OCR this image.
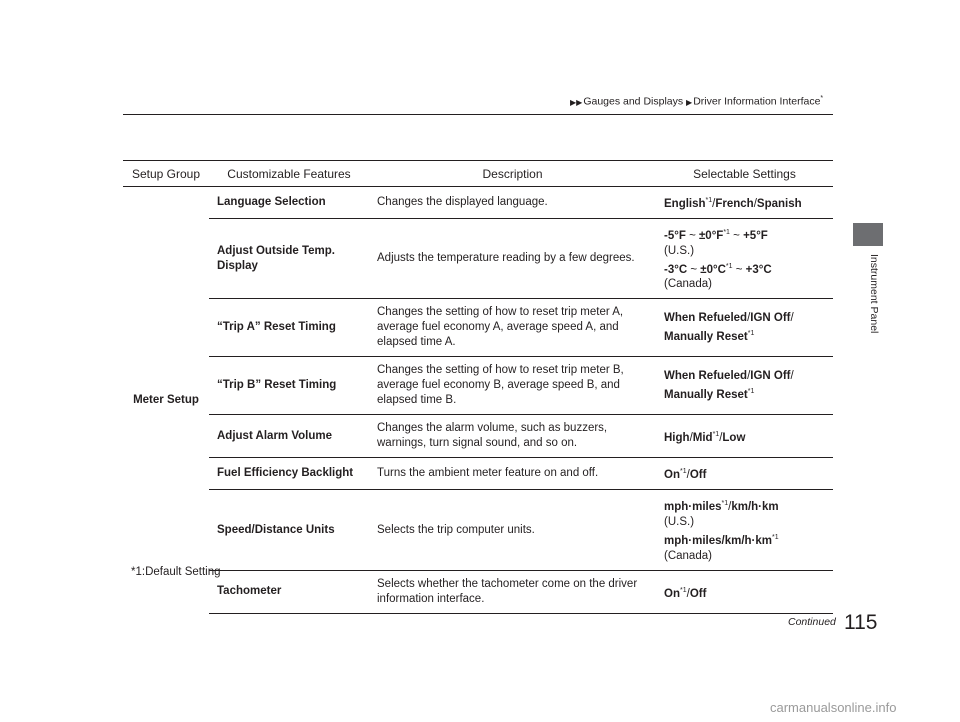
▶▶Gauges and Displays ▶Driver Information Interface*
Instrument Panel
Setup Group	Customizable Features	Description	Selectable Settings
Meter Setup	Language Selection	Changes the displayed language.	English$^{*1}$/French/Spanish
	Adjust Outside Temp. Display	Adjusts the temperature reading by a few degrees.	-5°F ~ $\pm 0^\circ F^{*1}$ ~ +5°F
(U.S.)
-3°C ~ $\pm 0^\circ C^{*1}$ ~ +3°C
(Canada)

	“Trip A” Reset Timing	Changes the setting of how to reset trip meter A, average fuel economy A, average speed A, and elapsed time A.	When Refueled/IGN Off/
Manually Reset$^{*1}$
	“Trip B” Reset Timing	Changes the setting of how to reset trip meter B, average fuel economy B, average speed B, and elapsed time B.	When Refueled/IGN Off/
Manually Reset$^{*1}$
	Adjust Alarm Volume	Changes the alarm volume, such as buzzers, warnings, turn signal sound, and so on.	High/Mid$^{*1}$/Low
	Fuel Efficiency Backlight	Turns the ambient meter feature on and off.	On$^{*1}$/Off
	Speed/Distance Units	Selects the trip computer units.	mph·miles$^{*1}$/km/h·km
(U.S.)
$mph\cdot miles/km/h\cdot km^{*1}$
(Canada)

	Tachometer	Selects whether the tachometer come on the driver information interface.	On$^{*1}$/Off
*1:Default Setting
Continued 115
carmanualsonline.info
